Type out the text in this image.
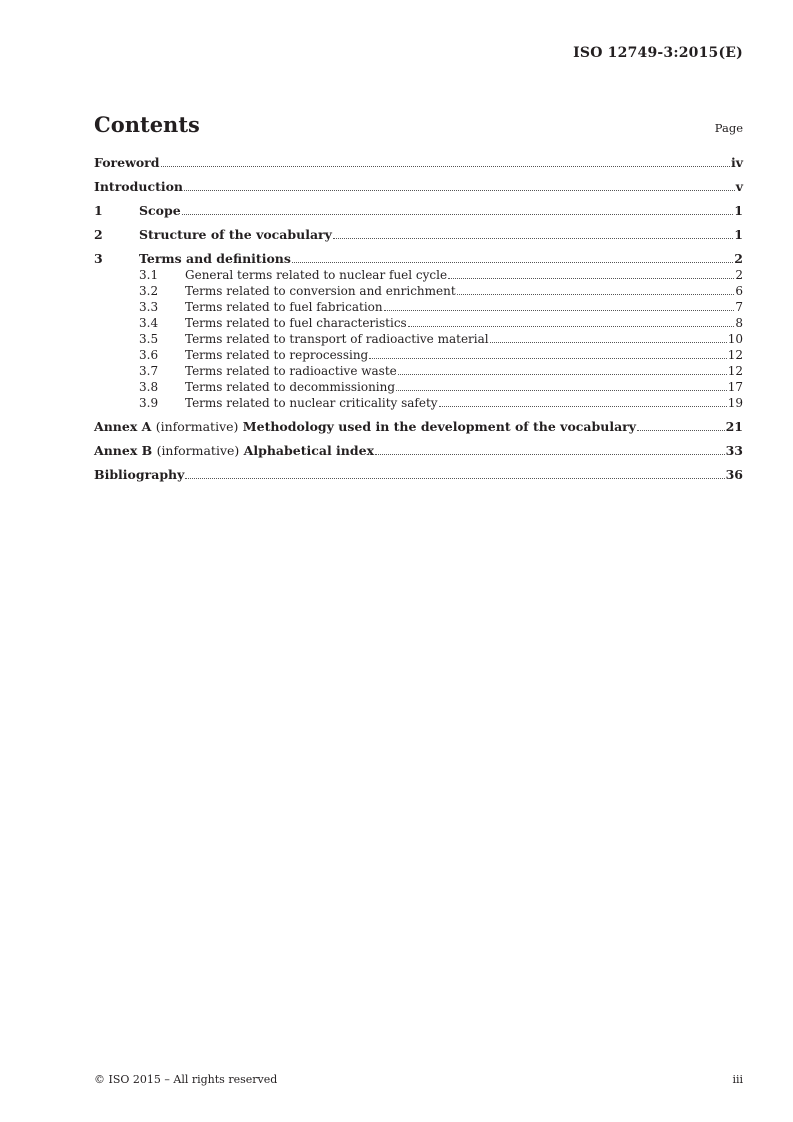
ISO 12749-3:2015(E)
Contents	Page
Foreword	iv
Introduction	v
1	Scope	1
2	Structure of the vocabulary	1
3	Terms and definitions	2
3.1	General terms related to nuclear fuel cycle	2
3.2	Terms related to conversion and enrichment	6
3.3	Terms related to fuel fabrication	7
3.4	Terms related to fuel characteristics	8
3.5	Terms related to transport of radioactive material	10
3.6	Terms related to reprocessing	12
3.7	Terms related to radioactive waste	12
3.8	Terms related to decommissioning	17
3.9	Terms related to nuclear criticality safety	19
Annex A (informative) Methodology used in the development of the vocabulary	21
Annex B (informative) Alphabetical index	33
Bibliography	36
© ISO 2015 – All rights reserved	iii
